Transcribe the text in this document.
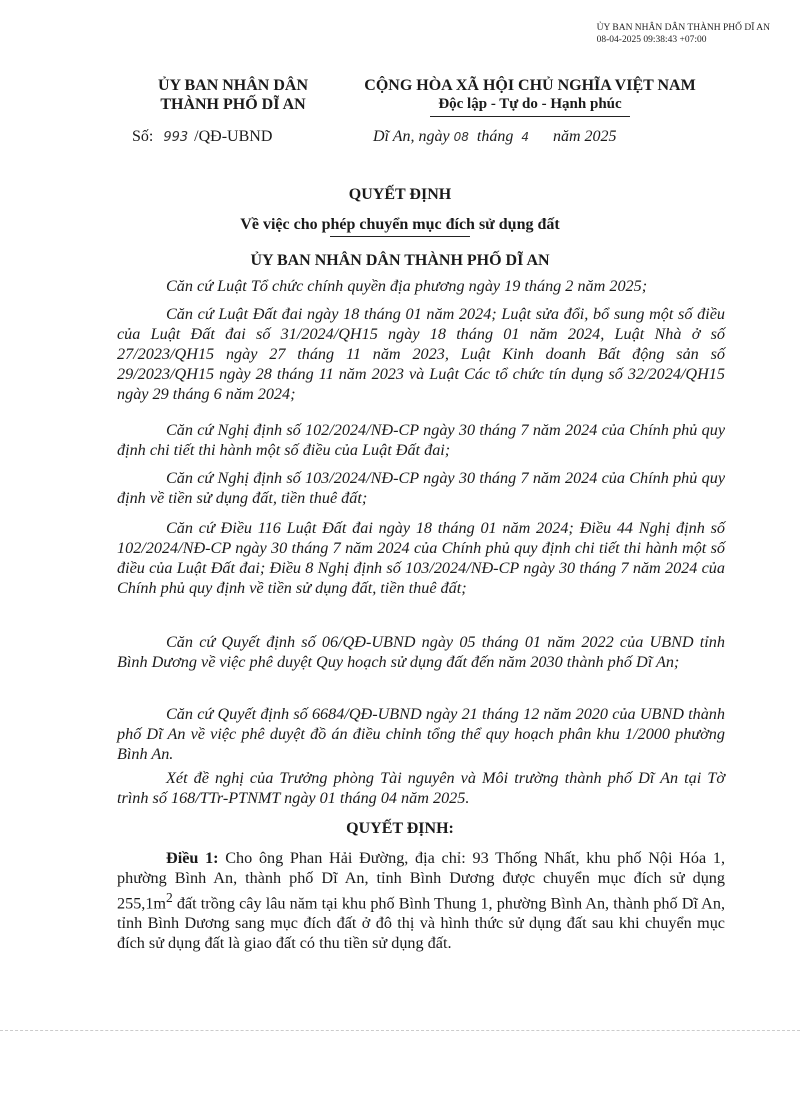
ỦY BAN NHÂN DÂN THÀNH PHỐ DĨ AN
08-04-2025 09:38:43 +07:00
ỦY BAN NHÂN DÂN
THÀNH PHỐ DĨ AN
CỘNG HÒA XÃ HỘI CHỦ NGHĨA VIỆT NAM
Độc lập - Tự do - Hạnh phúc
Số: 993 /QĐ-UBND	Dĩ An, ngày 08 tháng 4 năm 2025
QUYẾT ĐỊNH
Về việc cho phép chuyển mục đích sử dụng đất
ỦY BAN NHÂN DÂN THÀNH PHỐ DĨ AN

Căn cứ Luật Tổ chức chính quyền địa phương ngày 19 tháng 2 năm 2025;

Căn cứ Luật Đất đai ngày 18 tháng 01 năm 2024; Luật sửa đổi, bổ sung một số điều của Luật Đất đai số 31/2024/QH15 ngày 18 tháng 01 năm 2024, Luật Nhà ở số 27/2023/QH15 ngày 27 tháng 11 năm 2023, Luật Kinh doanh Bất động sản số 29/2023/QH15 ngày 28 tháng 11 năm 2023 và Luật Các tổ chức tín dụng số 32/2024/QH15 ngày 29 tháng 6 năm 2024;

Căn cứ Nghị định số 102/2024/NĐ-CP ngày 30 tháng 7 năm 2024 của Chính phủ quy định chi tiết thi hành một số điều của Luật Đất đai;

Căn cứ Nghị định số 103/2024/NĐ-CP ngày 30 tháng 7 năm 2024 của Chính phủ quy định về tiền sử dụng đất, tiền thuê đất;

Căn cứ Điều 116 Luật Đất đai ngày 18 tháng 01 năm 2024; Điều 44 Nghị định số 102/2024/NĐ-CP ngày 30 tháng 7 năm 2024 của Chính phủ quy định chi tiết thi hành một số điều của Luật Đất đai; Điều 8 Nghị định số 103/2024/NĐ-CP ngày 30 tháng 7 năm 2024 của Chính phủ quy định về tiền sử dụng đất, tiền thuê đất;

Căn cứ Quyết định số 06/QĐ-UBND ngày 05 tháng 01 năm 2022 của UBND tỉnh Bình Dương về việc phê duyệt Quy hoạch sử dụng đất đến năm 2030 thành phố Dĩ An;

Căn cứ Quyết định số 6684/QĐ-UBND ngày 21 tháng 12 năm 2020 của UBND thành phố Dĩ An về việc phê duyệt đồ án điều chỉnh tổng thể quy hoạch phân khu 1/2000 phường Bình An.

Xét đề nghị của Trưởng phòng Tài nguyên và Môi trường thành phố Dĩ An tại Tờ trình số 168/TTr-PTNMT ngày 01 tháng 04 năm 2025.

QUYẾT ĐỊNH:

Điều 1: Cho ông Phan Hải Đường, địa chỉ: 93 Thống Nhất, khu phố Nội Hóa 1, phường Bình An, thành phố Dĩ An, tỉnh Bình Dương được chuyển mục đích sử dụng $255,1m^2$ đất trồng cây lâu năm tại khu phố Bình Thung 1, phường Bình An, thành phố Dĩ An, tỉnh Bình Dương sang mục đích đất ở đô thị và hình thức sử dụng đất sau khi chuyển mục đích sử dụng đất là giao đất có thu tiền sử dụng đất.
